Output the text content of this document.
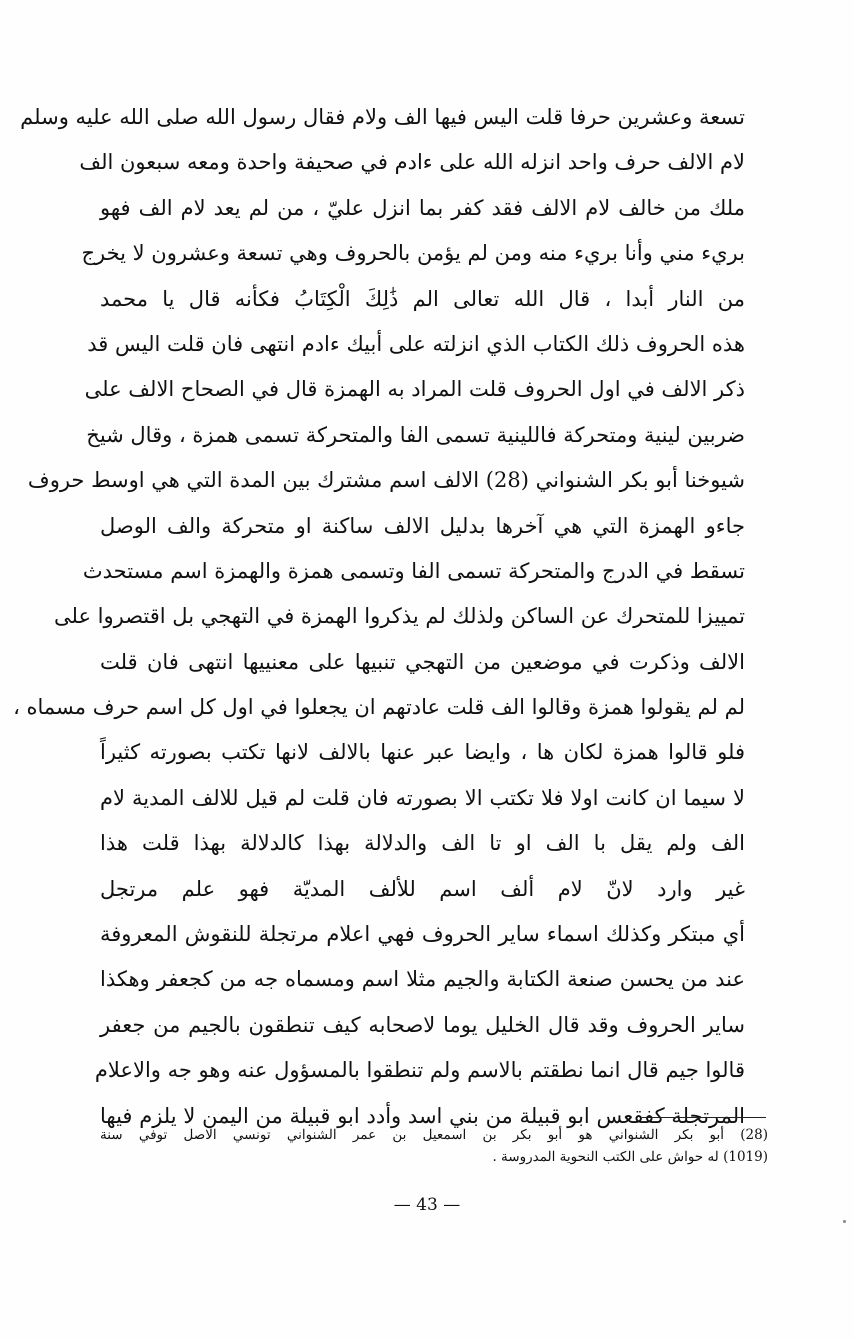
تسعة وعشرين حرفا قلت اليس فيها الف ولام فقال رسول الله صلى الله عليه وسلم
لام الالف حرف واحد انزله الله على ءادم في صحيفة واحدة ومعه سبعون الف
ملك من خالف لام الالف فقد كفر بما انزل عليّ ، من لم يعد لام الف فهو
بريء مني وأنا بريء منه ومن لم يؤمن بالحروف وهي تسعة وعشرون لا يخرج
من النار أبدا ، قال الله تعالى الم ذَٰلِكَ الْكِتَابُ فكأنه قال يا محمد
هذه الحروف ذلك الكتاب الذي انزلته على أبيك ءادم انتهى فان قلت اليس قد
ذكر الالف في اول الحروف قلت المراد به الهمزة قال في الصحاح الالف على
ضربين لينية ومتحركة فاللينية تسمى الفا والمتحركة تسمى همزة ، وقال شيخ
شيوخنا أبو بكر الشنواني (28) الالف اسم مشترك بين المدة التي هي اوسط حروف
جاءو الهمزة التي هي آخرها بدليل الالف ساكنة او متحركة والف الوصل
تسقط في الدرج والمتحركة تسمى الفا وتسمى همزة والهمزة اسم مستحدث
تمييزا للمتحرك عن الساكن ولذلك لم يذكروا الهمزة في التهجي بل اقتصروا على
الالف وذكرت في موضعين من التهجي تنبيها على معنييها انتهى فان قلت
لم لم يقولوا همزة وقالوا الف قلت عادتهم ان يجعلوا في اول كل اسم حرف مسماه ،
فلو قالوا همزة لكان ها ، وايضا عبر عنها بالالف لانها تكتب بصورته كثيراً
لا سيما ان كانت اولا فلا تكتب الا بصورته فان قلت لم قيل للالف المدية لام
الف ولم يقل با الف او تا الف والدلالة بهذا كالدلالة بهذا قلت هذا
غير وارد لانّ لام ألف اسم للألف المديّة فهو علم مرتجل
أي مبتكر وكذلك اسماء ساير الحروف فهي اعلام مرتجلة للنقوش المعروفة
عند من يحسن صنعة الكتابة والجيم مثلا اسم ومسماه جه من كجعفر وهكذا
ساير الحروف وقد قال الخليل يوما لاصحابه كيف تنطقون بالجيم من جعفر
قالوا جيم قال انما نطقتم بالاسم ولم تنطقوا بالمسؤول عنه وهو جه والاعلام
المرتجلة كفقعس ابو قبيلة من بني اسد وأدد ابو قبيلة من اليمن لا يلزم فيها
(28) أبو بكر الشنواني هو أبو بكر بن اسمعيل بن عمر الشنواني تونسي الاصل توفي سنة
(1019) له حواش على الكتب النحوية المدروسة .
— 43 —
